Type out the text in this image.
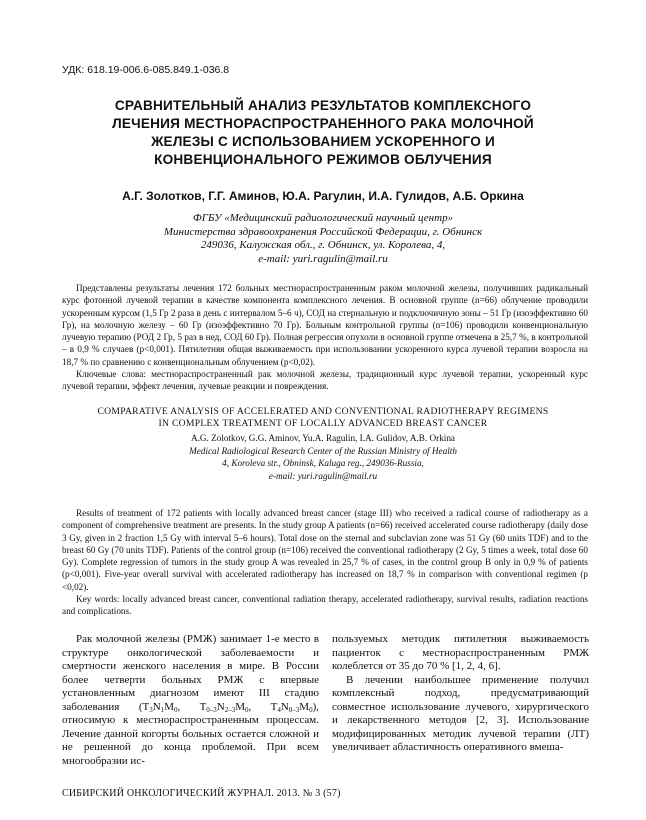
УДК: 618.19-006.6-085.849.1-036.8
СРАВНИТЕЛЬНЫЙ АНАЛИЗ РЕЗУЛЬТАТОВ КОМПЛЕКСНОГО
ЛЕЧЕНИЯ МЕСТНОРАСПРОСТРАНЕННОГО РАКА МОЛОЧНОЙ
ЖЕЛЕЗЫ С ИСПОЛЬЗОВАНИЕМ УСКОРЕННОГО И
КОНВЕНЦИОНАЛЬНОГО РЕЖИМОВ ОБЛУЧЕНИЯ
А.Г. Золотков, Г.Г. Аминов, Ю.А. Рагулин, И.А. Гулидов, А.Б. Оркина
ФГБУ «Медицинский радиологический научный центр»
Министерства здравоохранения Российской Федерации, г. Обнинск
249036, Калужская обл., г. Обнинск, ул. Королева, 4,
e-mail: yuri.ragulin@mail.ru

Представлены результаты лечения 172 больных местнораспространенным раком молочной железы, получивших радикальный курс фотонной лучевой терапии в качестве компонента комплексного лечения. В основной группе (n=66) облучение проводили ускоренным курсом (1,5 Гр 2 раза в день с интервалом 5–6 ч), СОД на стернальную и подключичную зоны – 51 Гр (изоэффективно 60 Гр), на молочную железу – 60 Гр (изоэффективно 70 Гр). Больным контрольной группы (n=106) проводили конвенциональную лучевую терапию (РОД 2 Гр, 5 раз в нед, СОД 60 Гр). Полная регрессия опухоли в основной группе отмечена в 25,7 %, в контрольной – в 0,9 % случаев (p<0,001). Пятилетняя общая выживаемость при использовании ускоренного курса лучевой терапии возросла на 18,7 % по сравнению с конвенциональным облучением (p<0,02).

Ключевые слова: местнораспространенный рак молочной железы, традиционный курс лучевой терапии, ускоренный курс лучевой терапии, эффект лечения, лучевые реакции и повреждения.

COMPARATIVE ANALYSIS OF ACCELERATED AND CONVENTIONAL RADIOTHERAPY REGIMENS
IN COMPLEX TREATMENT OF LOCALLY ADVANCED BREAST CANCER
A.G. Zolotkov, G.G. Aminov, Yu.A. Ragulin, I.A. Gulidov, A.B. Orkina
Medical Radiological Research Center of the Russian Ministry of Health
4, Koroleva str., Obninsk, Kaluga reg., 249036-Russia,
e-mail: yuri.ragulin@mail.ru

Results of treatment of 172 patients with locally advanced breast cancer (stage III) who received a radical course of radiotherapy as a component of comprehensive treatment are presents. In the study group A patients (n=66) received accelerated course radiotherapy (daily dose 3 Gy, given in 2 fraction 1,5 Gy with interval 5–6 hours). Total dose on the sternal and subclavian zone was 51 Gy (60 units TDF) and to the breast 60 Gy (70 units TDF). Patients of the control group (n=106) received the conventional radiotherapy (2 Gy, 5 times a week, total dose 60 Gy). Complete regression of tumors in the study group A was revealed in 25,7 % of cases, in the control group B only in 0,9 % of patients (p<0,001). Five-year overall survival with accelerated radiotherapy has increased on 18,7 % in comparison with conventional regimen (p <0,02).

Key words: locally advanced breast cancer, conventional radiation therapy, accelerated radiotherapy, survival results, radiation reactions and complications.

Рак молочной железы (РМЖ) занимает 1-е место в структуре онкологической заболеваемости и смертности женского населения в мире. В России более четверти больных РМЖ с впервые установленным диагнозом имеют III стадию заболевания ($T_3N_1M_0$, $T_{0-3}N_{2-3}M_0$, $T_4N_{0-3}M_0$), относимую к местнораспространенным процессам. Лечение данной когорты больных остается сложной и не решенной до конца проблемой. При всем многообразии ис-

пользуемых методик пятилетняя выживаемость пациенток с местнораспространенным РМЖ колеблется от 35 до 70 % [1, 2, 4, 6].

В лечении наибольшее применение получил комплексный подход, предусматривающий совместное использование лучевого, хирургического и лекарственного методов [2, 3]. Использование модифицированных методик лучевой терапии (ЛТ) увеличивает абластичность оперативного вмеша-

СИБИРСКИЙ ОНКОЛОГИЧЕСКИЙ ЖУРНАЛ. 2013. № 3 (57)
